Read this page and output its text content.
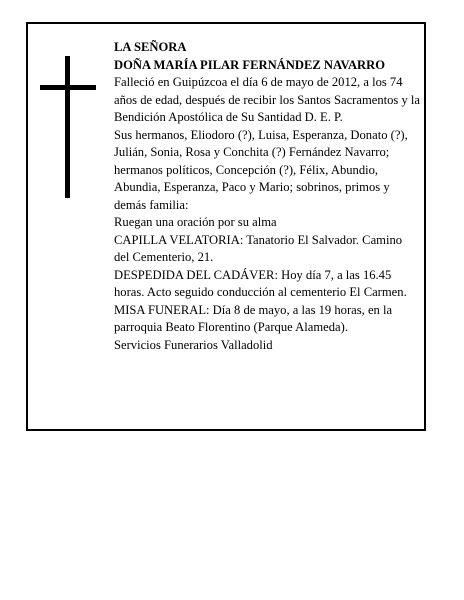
LA SEÑORA

DOÑA MARÍA PILAR FERNÁNDEZ NAVARRO

Falleció en Guipúzcoa el día 6 de mayo de 2012, a los 74 años de edad, después de recibir los Santos Sacramentos y la Bendición Apostólica de Su Santidad D. E. P.

Sus hermanos, Eliodoro (?), Luisa, Esperanza, Donato (?), Julián, Sonia, Rosa y Conchita (?) Fernández Navarro; hermanos políticos, Concepción (?), Félix, Abundio, Abundia, Esperanza, Paco y Mario; sobrinos, primos y demás familia:

Ruegan una oración por su alma

CAPILLA VELATORIA: Tanatorio El Salvador. Camino del Cementerio, 21.

DESPEDIDA DEL CADÁVER: Hoy día 7, a las 16.45 horas. Acto seguido conducción al cementerio El Carmen.

MISA FUNERAL: Día 8 de mayo, a las 19 horas, en la parroquia Beato Florentino (Parque Alameda).

Servicios Funerarios Valladolid
